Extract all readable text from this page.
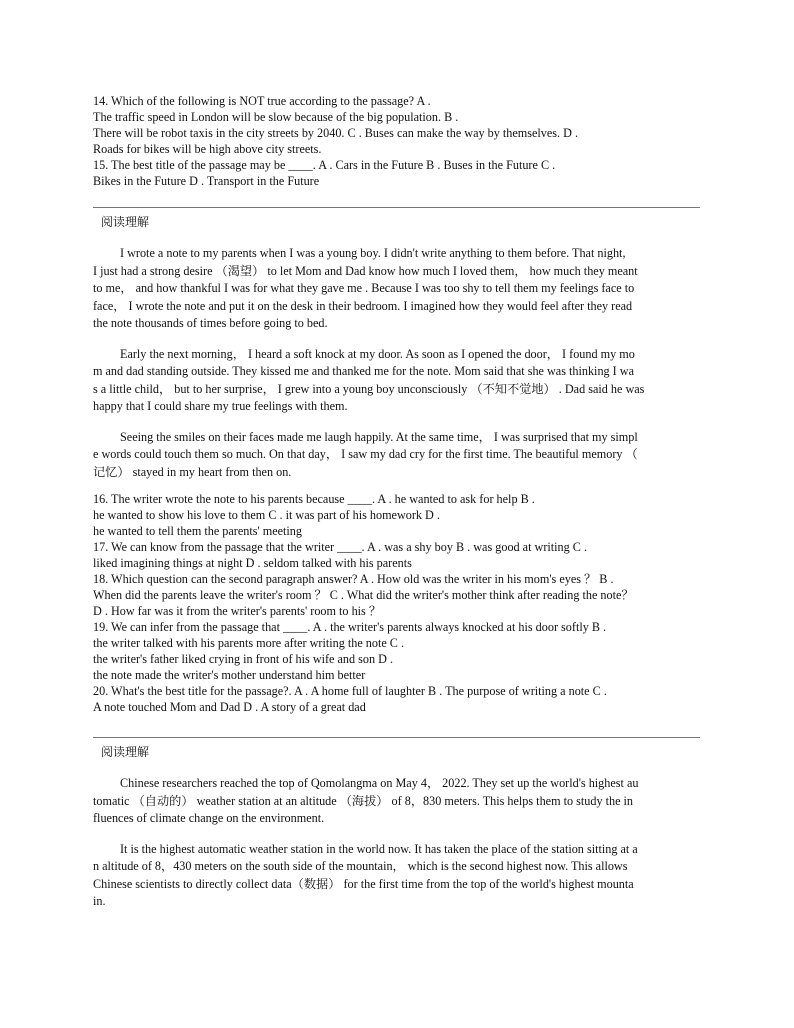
14. Which of the following is NOT true according to the passage? A .
The traffic speed in London will be slow because of the big population. B .
There will be robot taxis in the city streets by 2040. C . Buses can make the way by themselves. D .
Roads for bikes will be high above city streets.
15. The best title of the passage may be ____. A . Cars in the Future B . Buses in the Future C .
Bikes in the Future D . Transport in the Future
阅读理解

I wrote a note to my parents when I was a young boy. I didn't write anything to them before. That night,
I just had a strong desire （渴望） to let Mom and Dad know how much I loved them， how much they meant
to me， and how thankful I was for what they gave me . Because I was too shy to tell them my feelings face to
face， I wrote the note and put it on the desk in their bedroom. I imagined how they would feel after they read
the note thousands of times before going to bed.

Early the next morning， I heard a soft knock at my door. As soon as I opened the door， I found my mo
m and dad standing outside. They kissed me and thanked me for the note. Mom said that she was thinking I wa
s a little child， but to her surprise， I grew into a young boy unconsciously （不知不觉地） . Dad said he was
happy that I could share my true feelings with them.

Seeing the smiles on their faces made me laugh happily. At the same time， I was surprised that my simpl
e words could touch them so much. On that day， I saw my dad cry for the first time. The beautiful memory （
记忆） stayed in my heart from then on.

16. The writer wrote the note to his parents because ____. A . he wanted to ask for help B .
he wanted to show his love to them C . it was part of his homework D .
he wanted to tell them the parents' meeting
17. We can know from the passage that the writer ____. A . was a shy boy B . was good at writing C .
liked imagining things at night D . seldom talked with his parents
18. Which question can the second paragraph answer? A . How old was the writer in his mom's eyes ？ B .
When did the parents leave the writer's room ？ C . What did the writer's mother think after reading the note？
D . How far was it from the writer's parents' room to his ？
19. We can infer from the passage that ____. A . the writer's parents always knocked at his door softly B .
the writer talked with his parents more after writing the note C .
the writer's father liked crying in front of his wife and son D .
the note made the writer's mother understand him better
20. What's the best title for the passage?. A . A home full of laughter B . The purpose of writing a note C .
A note touched Mom and Dad D . A story of a great dad
阅读理解

Chinese researchers reached the top of Qomolangma on May 4， 2022. They set up the world's highest au
tomatic （自动的） weather station at an altitude （海拔） of 8，830 meters. This helps them to study the in
fluences of climate change on the environment.

It is the highest automatic weather station in the world now. It has taken the place of the station sitting at a
n altitude of 8，430 meters on the south side of the mountain， which is the second highest now. This allows
Chinese scientists to directly collect data（数据） for the first time from the top of the world's highest mounta
in.
